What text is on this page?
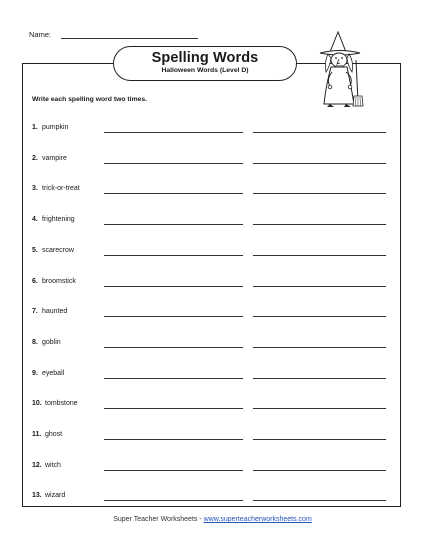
Name:
Spelling Words
Halloween Words (Level D)
Write each spelling word two times.
1. pumpkin
2. vampire
3. trick-or-treat
4. frightening
5. scarecrow
6. broomstick
7. haunted
8. goblin
9. eyeball
10. tombstone
11. ghost
12. witch
13. wizard
Super Teacher Worksheets - www.superteacherworksheets.com
